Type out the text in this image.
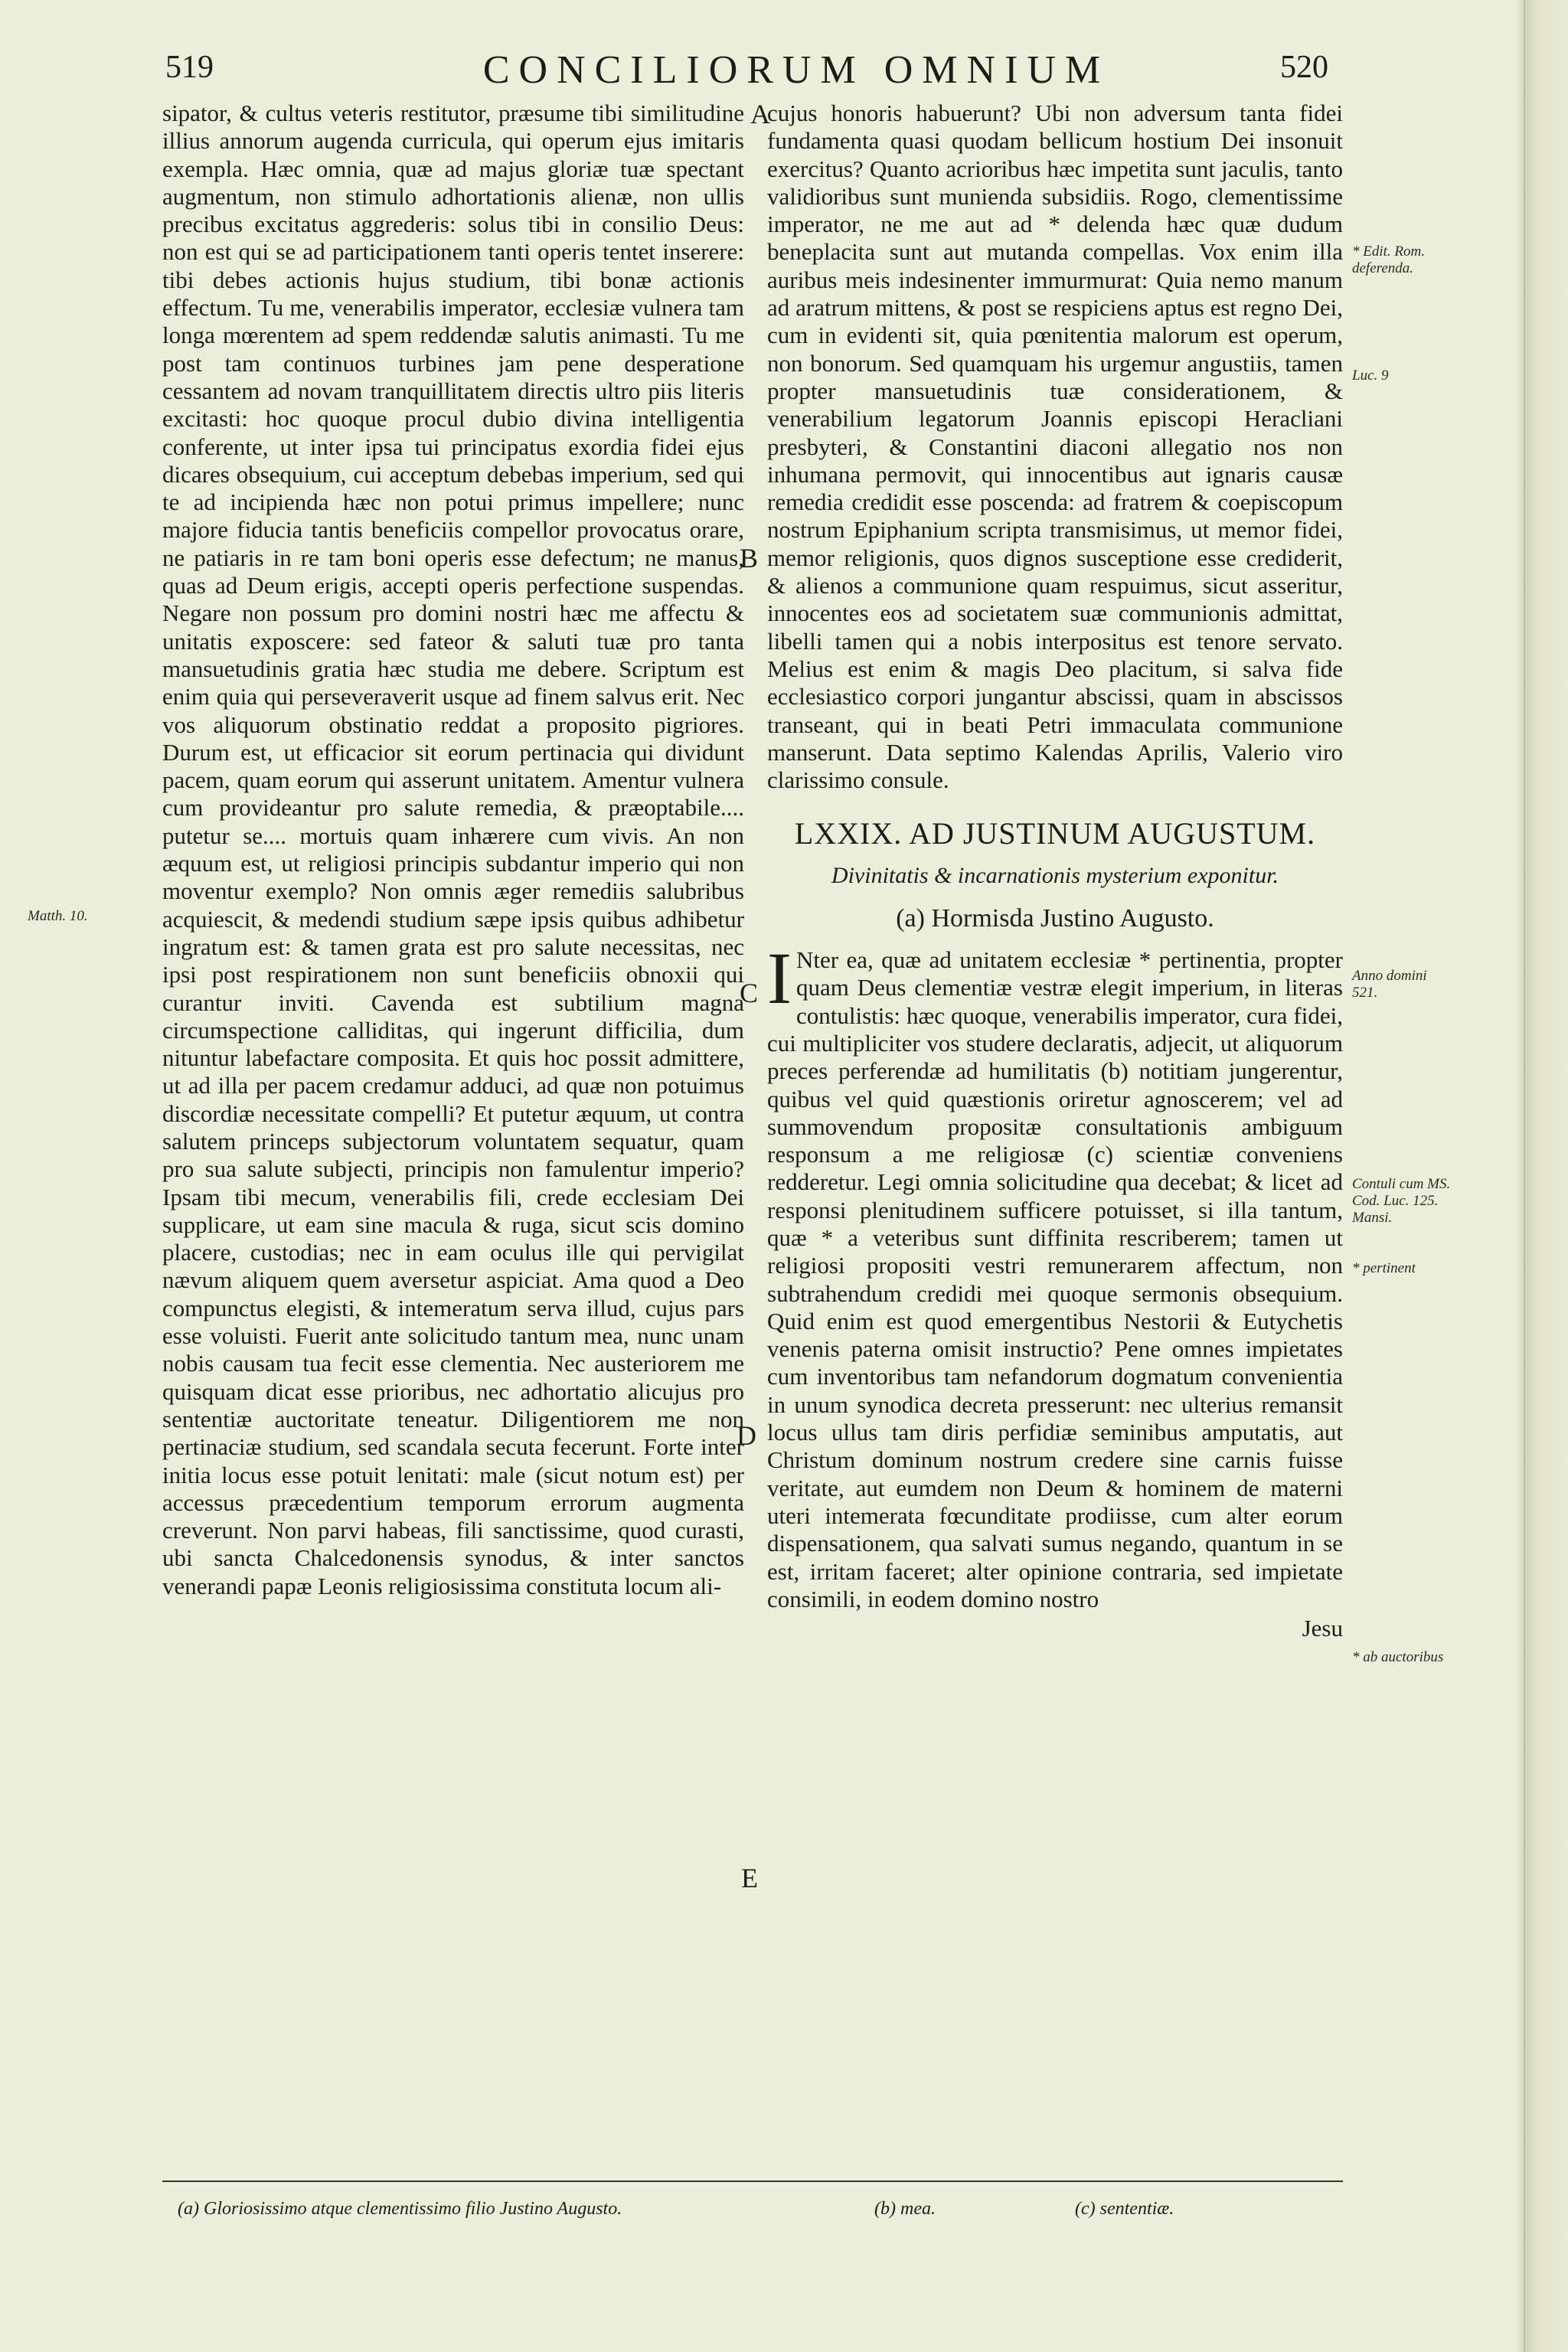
519	CONCILIORUM OMNIUM	520

sipator, & cultus veteris restitutor, præsume tibi similitudine illius annorum augenda curricula, qui operum ejus imitaris exempla. Hæc omnia, quæ ad majus gloriæ tuæ spectant augmentum, non stimulo adhortationis alienæ, non ullis precibus excitatus aggrederis: solus tibi in consilio Deus: non est qui se ad participationem tanti operis tentet inserere: tibi debes actionis hujus studium, tibi bonæ actionis effectum. Tu me, venerabilis imperator, ecclesiæ vulnera tam longa mœrentem ad spem reddendæ salutis animasti. Tu me post tam continuos turbines jam pene desperatione cessantem ad novam tranquillitatem directis ultro piis literis excitasti: hoc quoque procul dubio divina intelligentia conferente, ut inter ipsa tui principatus exordia fidei ejus dicares obsequium, cui acceptum debebas imperium, sed qui te ad incipienda hæc non potui primus impellere; nunc majore fiducia tantis beneficiis compellor provocatus orare, ne patiaris in re tam boni operis esse defectum; ne manus, quas ad Deum erigis, accepti operis perfectione suspendas. Negare non possum pro domini nostri hæc me affectu & unitatis exposcere: sed fateor & saluti tuæ pro tanta mansuetudinis gratia hæc studia me debere. Scriptum est enim quia qui perseveraverit usque ad finem salvus erit. Nec vos aliquorum obstinatio reddat a proposito pigriores. Durum est, ut efficacior sit eorum pertinacia qui dividunt pacem, quam eorum qui asserunt unitatem. Amentur vulnera cum provideantur pro salute remedia, & præoptabile.... putetur se.... mortuis quam inhærere cum vivis. An non æquum est, ut religiosi principis subdantur imperio qui non moventur exemplo? Non omnis æger remediis salubribus acquiescit, & medendi studium sæpe ipsis quibus adhibetur ingratum est: & tamen grata est pro salute necessitas, nec ipsi post respirationem non sunt beneficiis obnoxii qui curantur inviti. Cavenda est subtilium magna circumspectione calliditas, qui ingerunt difficilia, dum nituntur labefactare composita. Et quis hoc possit admittere, ut ad illa per pacem credamur adduci, ad quæ non potuimus discordiæ necessitate compelli? Et putetur æquum, ut contra salutem princeps subjectorum voluntatem sequatur, quam pro sua salute subjecti, principis non famulentur imperio? Ipsam tibi mecum, venerabilis fili, crede ecclesiam Dei supplicare, ut eam sine macula & ruga, sicut scis domino placere, custodias; nec in eam oculus ille qui pervigilat nævum aliquem quem aversetur aspiciat. Ama quod a Deo compunctus elegisti, & intemeratum serva illud, cujus pars esse voluisti. Fuerit ante solicitudo tantum mea, nunc unam nobis causam tua fecit esse clementia. Nec austeriorem me quisquam dicat esse prioribus, nec adhortatio alicujus pro sententiæ auctoritate teneatur. Diligentiorem me non pertinaciæ studium, sed scandala secuta fecerunt. Forte inter initia locus esse potuit lenitati: male (sicut notum est) per accessus præcedentium temporum errorum augmenta creverunt. Non parvi habeas, fili sanctissime, quod curasti, ubi sancta Chalcedonensis synodus, & inter sanctos venerandi papæ Leonis religiosissima constituta locum ali-

cujus honoris habuerunt? Ubi non adversum tanta fidei fundamenta quasi quodam bellicum hostium Dei insonuit exercitus? Quanto acrioribus hæc impetita sunt jaculis, tanto validioribus sunt munienda subsidiis. Rogo, clementissime imperator, ne me aut ad * delenda hæc quæ dudum beneplacita sunt aut mutanda compellas. Vox enim illa auribus meis indesinenter immurmurat: Quia nemo manum ad aratrum mittens, & post se respiciens aptus est regno Dei, cum in evidenti sit, quia pœnitentia malorum est operum, non bonorum. Sed quamquam his urgemur angustiis, tamen propter mansuetudinis tuæ considerationem, & venerabilium legatorum Joannis episcopi Heracliani presbyteri, & Constantini diaconi allegatio nos non inhumana permovit, qui innocentibus aut ignaris causæ remedia credidit esse poscenda: ad fratrem & coepiscopum nostrum Epiphanium scripta transmisimus, ut memor fidei, memor religionis, quos dignos susceptione esse crediderit, & alienos a communione quam respuimus, sicut asseritur, innocentes eos ad societatem suæ communionis admittat, libelli tamen qui a nobis interpositus est tenore servato. Melius est enim & magis Deo placitum, si salva fide ecclesiastico corpori jungantur abscissi, quam in abscissos transeant, qui in beati Petri immaculata communione manserunt. Data septimo Kalendas Aprilis, Valerio viro clarissimo consule.

LXXIX. AD JUSTINUM AUGUSTUM.
Divinitatis & incarnationis mysterium exponitur.
(a) Hormisda Justino Augusto.

I Nter ea, quæ ad unitatem ecclesiæ * pertinentia, propter quam Deus clementiæ vestræ elegit imperium, in literas contulistis: hæc quoque, venerabilis imperator, cura fidei, cui multipliciter vos studere declaratis, adjecit, ut aliquorum preces perferendæ ad humilitatis (b) notitiam jungerentur, quibus vel quid quæstionis oriretur agnoscerem; vel ad summovendum propositæ consultationis ambiguum responsum a me religiosæ (c) scientiæ conveniens redderetur. Legi omnia solicitudine qua decebat; & licet ad responsi plenitudinem sufficere potuisset, si illa tantum, quæ * a veteribus sunt diffinita rescriberem; tamen ut religiosi propositi vestri remunerarem affectum, non subtrahendum credidi mei quoque sermonis obsequium. Quid enim est quod emergentibus Nestorii & Eutychetis venenis paterna omisit instructio? Pene omnes impietates cum inventoribus tam nefandorum dogmatum convenientia in unum synodica decreta presserunt: nec ulterius remansit locus ullus tam diris perfidiæ seminibus amputatis, aut Christum dominum nostrum credere sine carnis fuisse veritate, aut eumdem non Deum & hominem de materni uteri intemerata fœcunditate prodiisse, cum alter eorum dispensationem, qua salvati sumus negando, quantum in se est, irritam faceret; alter opinione contraria, sed impietate consimili, in eodem domino nostro

Jesu
A
B
C
D
E
Matth. 10.
* Edit. Rom. deferenda.
Luc. 9
Anno domini 521.
Contuli cum MS. Cod. Luc. 125. Mansi.
* pertinent
* ab auctoribus
(a) Gloriosissimo atque clementissimo filio Justino Augusto.	(b) mea.	(c) sententiæ.
